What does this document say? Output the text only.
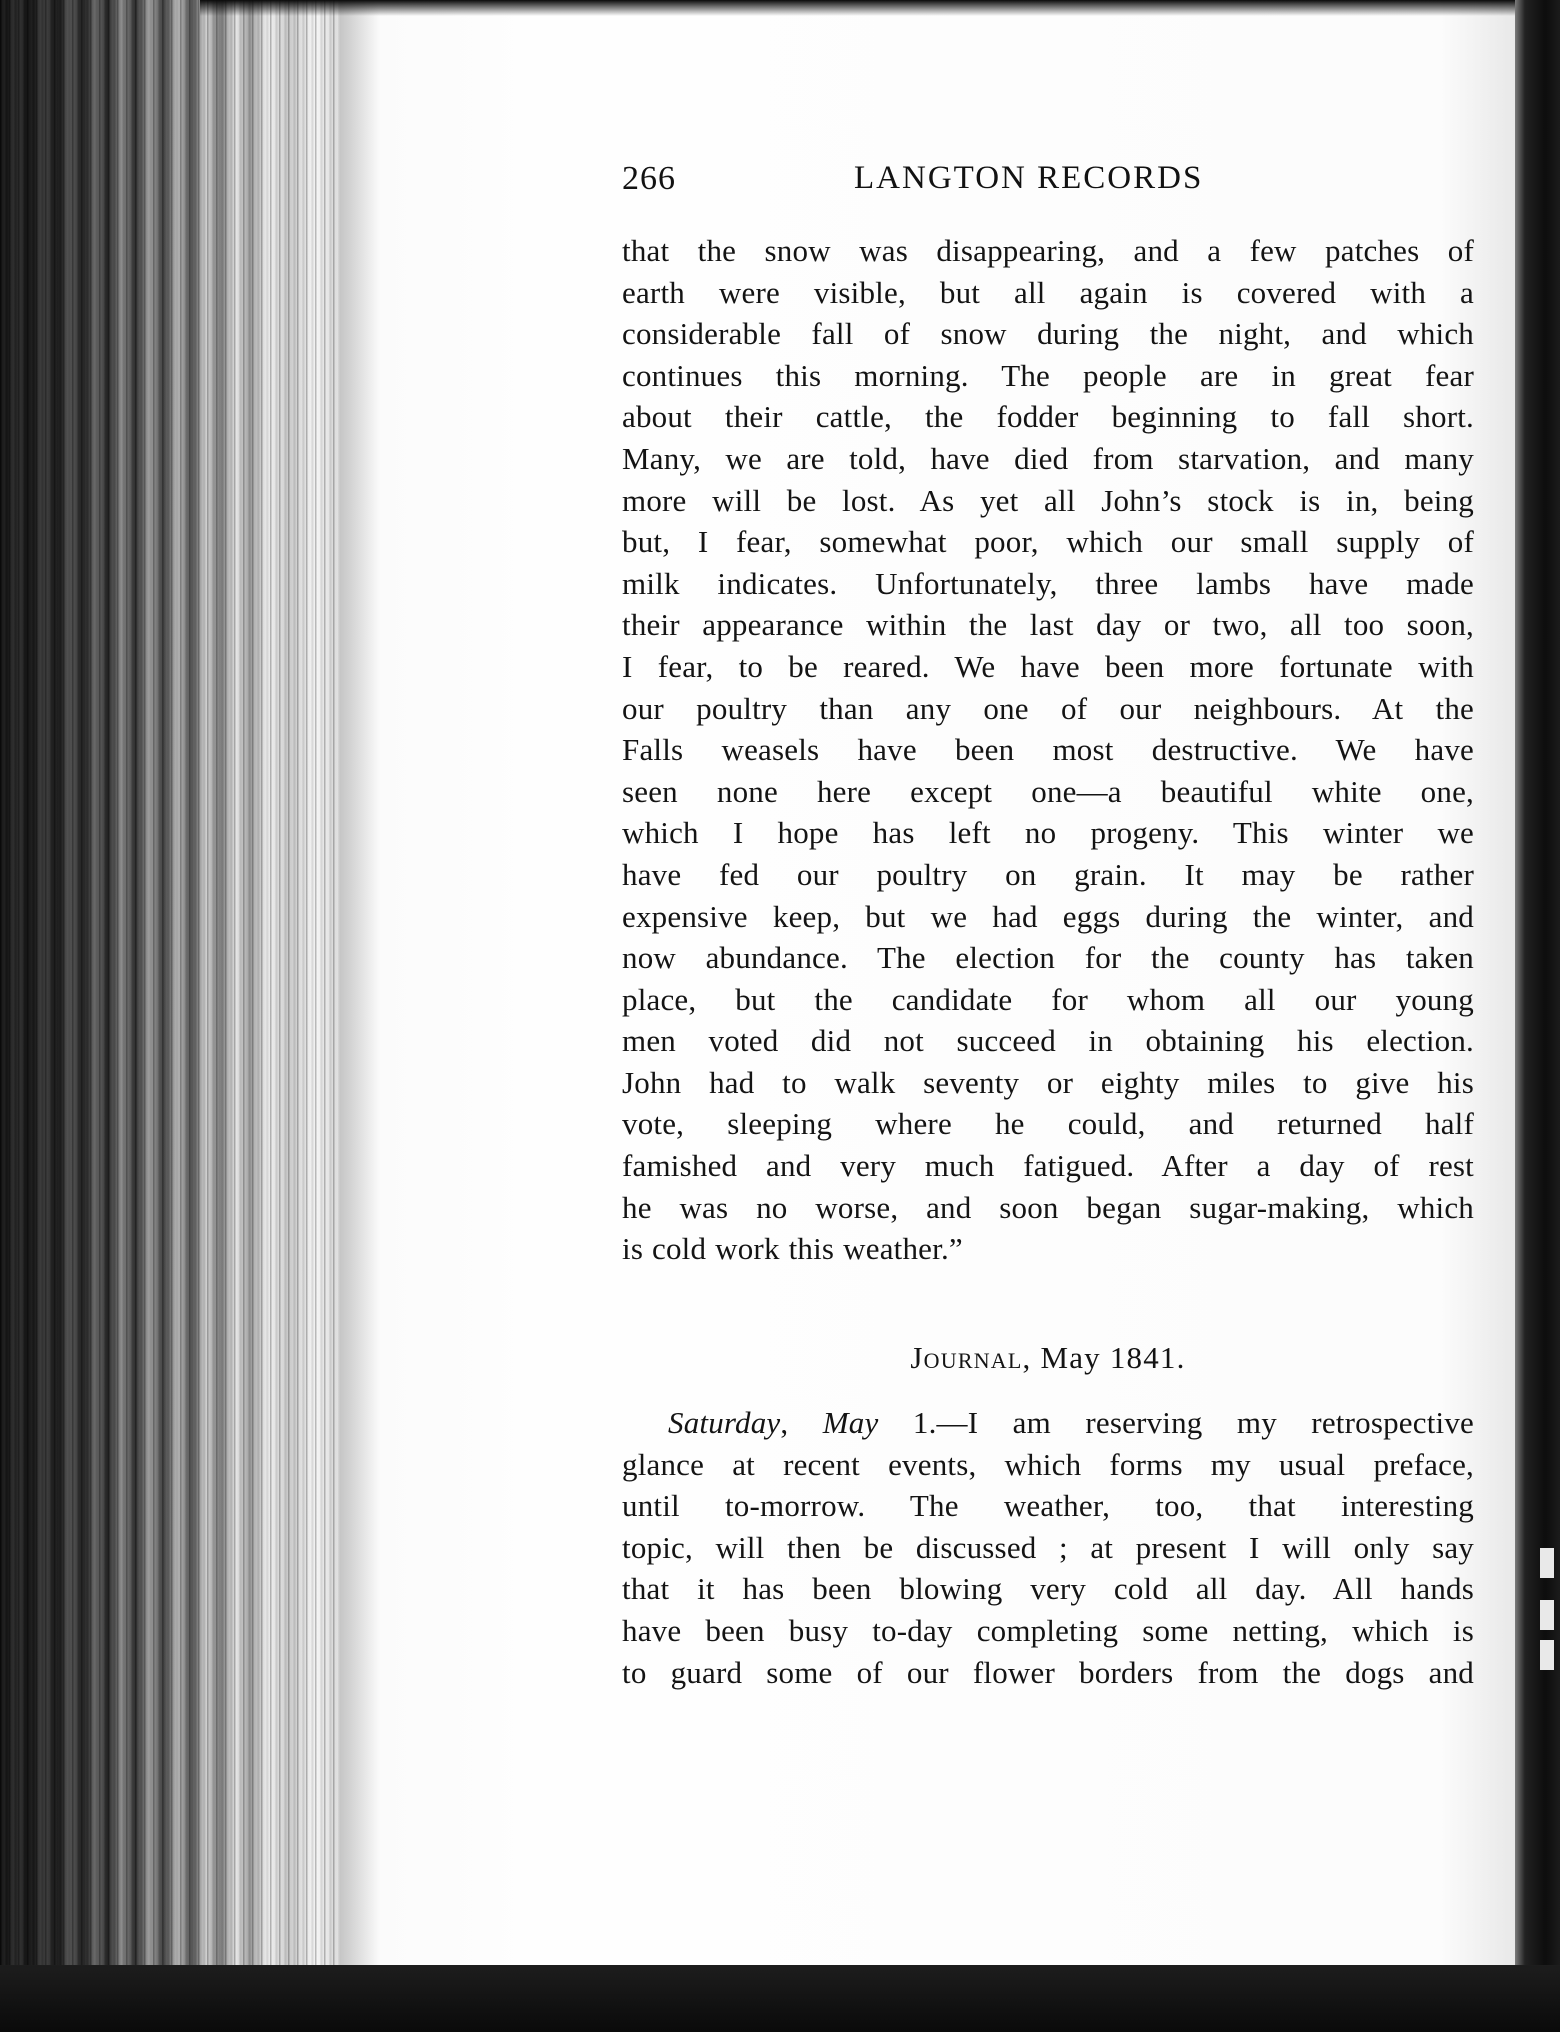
266	LANGTON RECORDS
that the snow was disappearing, and a few patches of
earth were visible, but all again is covered with a
considerable fall of snow during the night, and which
continues this morning. The people are in great fear
about their cattle, the fodder beginning to fall short.
Many, we are told, have died from starvation, and many
more will be lost. As yet all John’s stock is in, being
but, I fear, somewhat poor, which our small supply of
milk indicates. Unfortunately, three lambs have made
their appearance within the last day or two, all too soon,
I fear, to be reared. We have been more fortunate with
our poultry than any one of our neighbours. At the
Falls weasels have been most destructive. We have
seen none here except one—a beautiful white one,
which I hope has left no progeny. This winter we
have fed our poultry on grain. It may be rather
expensive keep, but we had eggs during the winter, and
now abundance. The election for the county has taken
place, but the candidate for whom all our young
men voted did not succeed in obtaining his election.
John had to walk seventy or eighty miles to give his
vote, sleeping where he could, and returned half
famished and very much fatigued. After a day of rest
he was no worse, and soon began sugar-making, which
is cold work this weather.”
Journal, May 1841.
Saturday, May 1.—I am reserving my retrospective
glance at recent events, which forms my usual preface,
until to-morrow. The weather, too, that interesting
topic, will then be discussed ; at present I will only say
that it has been blowing very cold all day. All hands
have been busy to-day completing some netting, which is
to guard some of our flower borders from the dogs and
